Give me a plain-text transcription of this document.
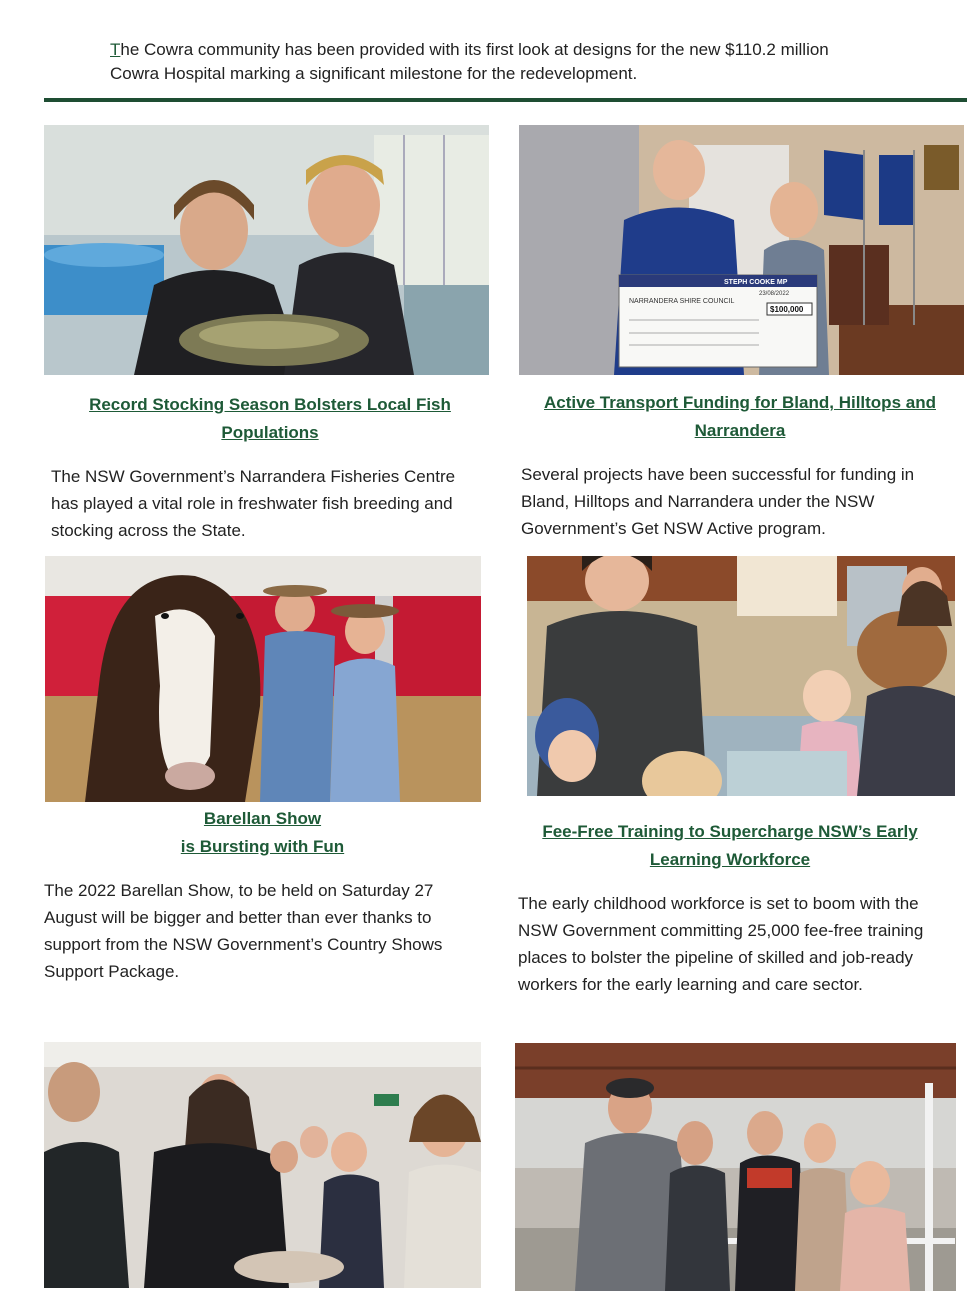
The Cowra community has been provided with its first look at designs for the new $110.2 million Cowra Hospital marking a significant milestone for the redevelopment.

STEPH COOKE MP
NARRANDERA SHIRE COUNCIL
23/08/2022
$100,000
Record Stocking Season Bolsters Local Fish Populations
The NSW Government’s Narrandera Fisheries Centre has played a vital role in freshwater fish breeding and stocking across the State.
Active Transport Funding for Bland, Hilltops and Narrandera
Several projects have been successful for funding in Bland, Hilltops and Narrandera under the NSW Government’s Get NSW Active program.
Barellan Show
is Bursting with Fun
The 2022 Barellan Show, to be held on Saturday 27 August will be bigger and better than ever thanks to support from the NSW Government’s Country Shows Support Package.
Fee-Free Training to Supercharge NSW’s Early Learning Workforce
The early childhood workforce is set to boom with the NSW Government committing 25,000 fee-free training places to bolster the pipeline of skilled and job-ready workers for the early learning and care sector.
